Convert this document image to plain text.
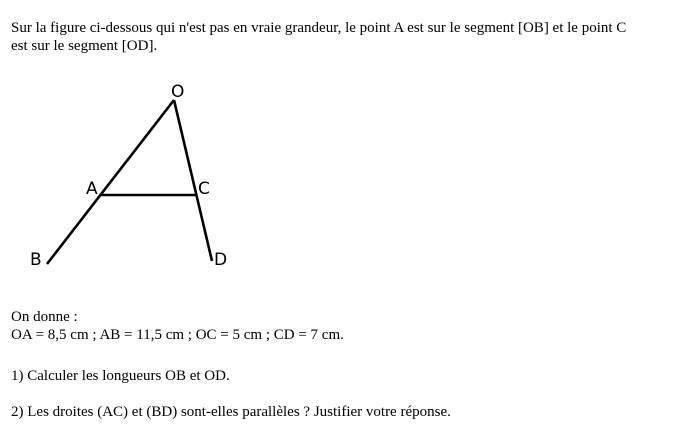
Sur la figure ci-dessous qui n'est pas en vraie grandeur, le point A est sur le segment [OB] et le point C
est sur le segment [OD].
O
A	C
B	D
On donne :
OA = 8,5 cm ; AB = 11,5 cm ; OC = 5 cm ; CD = 7 cm.
1) Calculer les longueurs OB et OD.
2) Les droites (AC) et (BD) sont-elles parallèles ? Justifier votre réponse.
